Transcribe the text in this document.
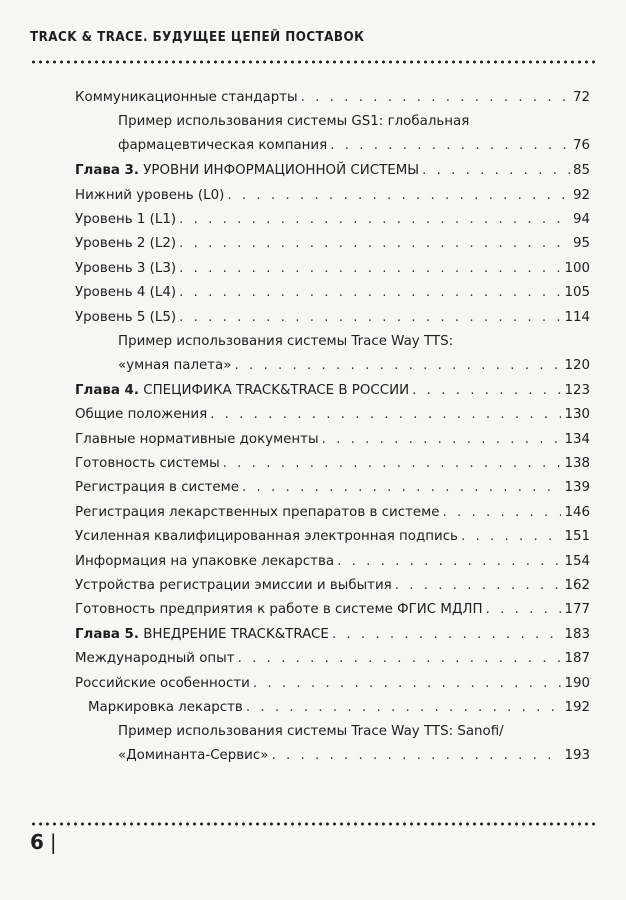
TRACK & TRACE. БУДУЩЕЕ ЦЕПЕЙ ПОСТАВОК
Коммуникационные стандарты . . .	72
Пример использования системы GS1: глобальная
фармацевтическая компания . . .	76
Глава 3. УРОВНИ ИНФОРМАЦИОННОЙ СИСТЕМЫ . . .	85
Нижний уровень (L0) . . .	92
Уровень 1 (L1) . . .	94
Уровень 2 (L2) . . .	95
Уровень 3 (L3) . . .	100
Уровень 4 (L4) . . .	105
Уровень 5 (L5) . . .	114
Пример использования системы Trace Way TTS:
«умная палета» . . .	120
Глава 4. СПЕЦИФИКА TRACK&TRACE В РОССИИ . . .	123
Общие положения . . .	130
Главные нормативные документы . . .	134
Готовность системы . . .	138
Регистрация в системе . . .	139
Регистрация лекарственных препаратов в системе . . .	146
Усиленная квалифицированная электронная подпись . . .	151
Информация на упаковке лекарства . . .	154
Устройства регистрации эмиссии и выбытия . . .	162
Готовность предприятия к работе в системе ФГИС МДЛП . . .	177
Глава 5. ВНЕДРЕНИЕ TRACK&TRACE . . .	183
Международный опыт . . .	187
Российские особенности . . .	190
Маркировка лекарств . . .	192
Пример использования системы Trace Way TTS: Sanofi/
«Доминанта-Сервис» . . .	193
6 |
